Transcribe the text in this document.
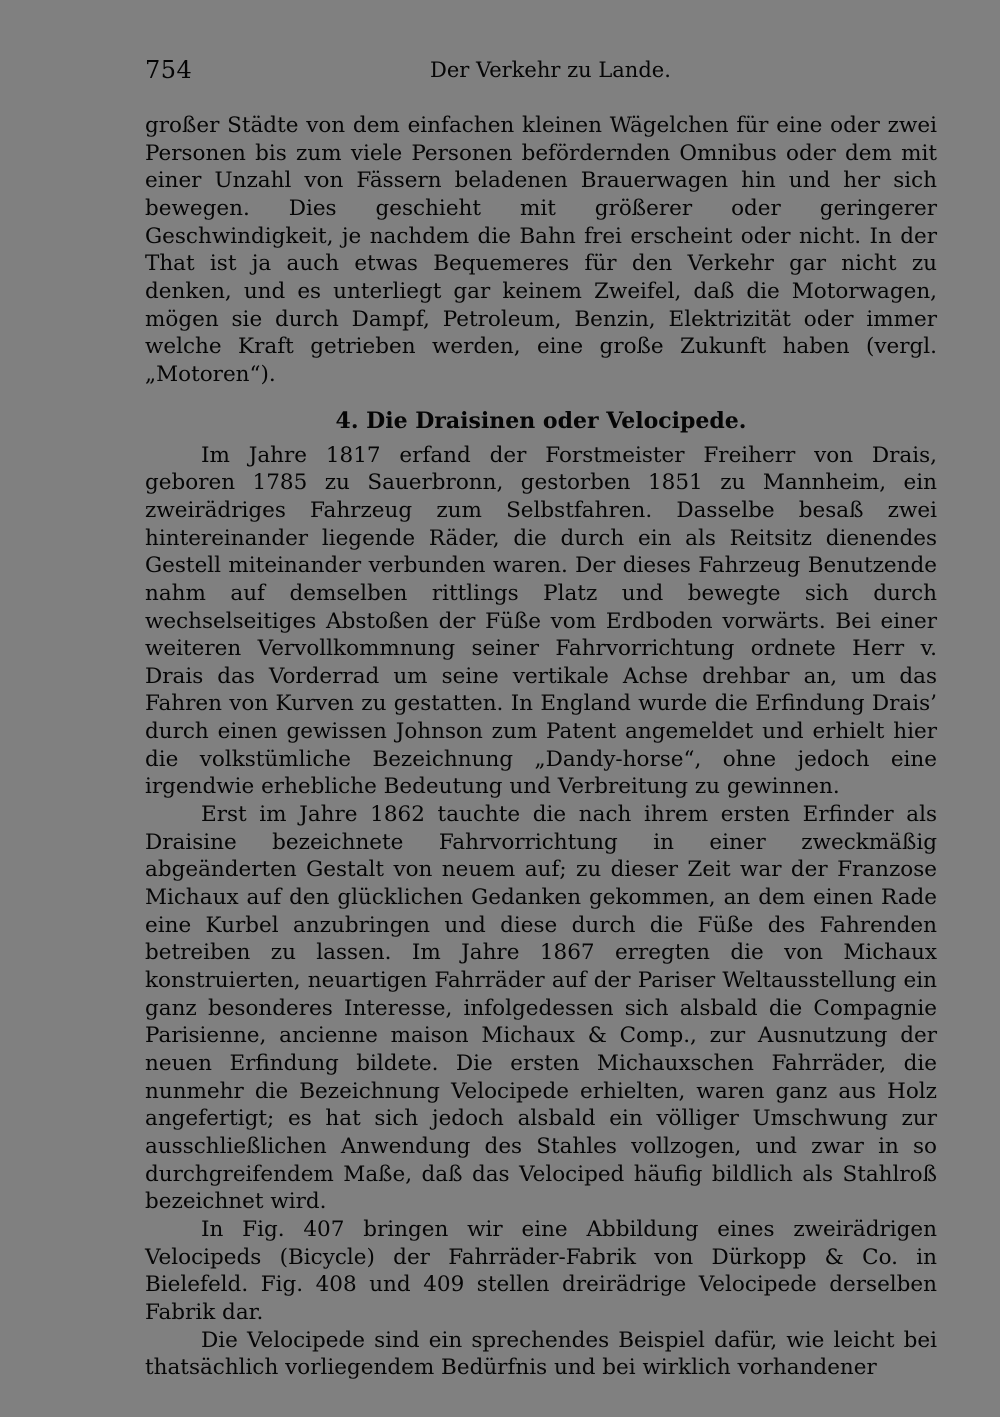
754	Der Verkehr zu Lande.

großer Städte von dem einfachen kleinen Wägelchen für eine oder zwei Personen bis zum viele Personen befördernden Omnibus oder dem mit einer Unzahl von Fässern beladenen Brauerwagen hin und her sich bewegen. Dies geschieht mit größerer oder geringerer Geschwindigkeit, je nachdem die Bahn frei erscheint oder nicht. In der That ist ja auch etwas Bequemeres für den Verkehr gar nicht zu denken, und es unterliegt gar keinem Zweifel, daß die Motorwagen, mögen sie durch Dampf, Petroleum, Benzin, Elektrizität oder immer welche Kraft getrieben werden, eine große Zukunft haben (vergl. „Motoren“).

4. Die Draisinen oder Velocipede.

Im Jahre 1817 erfand der Forstmeister Freiherr von Drais, geboren 1785 zu Sauerbronn, gestorben 1851 zu Mannheim, ein zweirädriges Fahrzeug zum Selbstfahren. Dasselbe besaß zwei hintereinander liegende Räder, die durch ein als Reitsitz dienendes Gestell miteinander verbunden waren. Der dieses Fahrzeug Benutzende nahm auf demselben rittlings Platz und bewegte sich durch wechselseitiges Abstoßen der Füße vom Erdboden vorwärts. Bei einer weiteren Vervollkommnung seiner Fahrvorrichtung ordnete Herr v. Drais das Vorderrad um seine vertikale Achse drehbar an, um das Fahren von Kurven zu gestatten. In England wurde die Erfindung Drais’ durch einen gewissen Johnson zum Patent angemeldet und erhielt hier die volkstümliche Bezeichnung „Dandy-horse“, ohne jedoch eine irgendwie erhebliche Bedeutung und Verbreitung zu gewinnen.

Erst im Jahre 1862 tauchte die nach ihrem ersten Erfinder als Draisine bezeichnete Fahrvorrichtung in einer zweckmäßig abgeänderten Gestalt von neuem auf; zu dieser Zeit war der Franzose Michaux auf den glücklichen Gedanken gekommen, an dem einen Rade eine Kurbel anzubringen und diese durch die Füße des Fahrenden betreiben zu lassen. Im Jahre 1867 erregten die von Michaux konstruierten, neuartigen Fahrräder auf der Pariser Weltausstellung ein ganz besonderes Interesse, infolgedessen sich alsbald die Compagnie Parisienne, ancienne maison Michaux & Comp., zur Ausnutzung der neuen Erfindung bildete. Die ersten Michauxschen Fahrräder, die nunmehr die Bezeichnung Velocipede erhielten, waren ganz aus Holz angefertigt; es hat sich jedoch alsbald ein völliger Umschwung zur ausschließlichen Anwendung des Stahles vollzogen, und zwar in so durchgreifendem Maße, daß das Velociped häufig bildlich als Stahlroß bezeichnet wird.

In Fig. 407 bringen wir eine Abbildung eines zweirädrigen Velocipeds (Bicycle) der Fahrräder-Fabrik von Dürkopp & Co. in Bielefeld. Fig. 408 und 409 stellen dreirädrige Velocipede derselben Fabrik dar.

Die Velocipede sind ein sprechendes Beispiel dafür, wie leicht bei thatsächlich vorliegendem Bedürfnis und bei wirklich vorhandener
